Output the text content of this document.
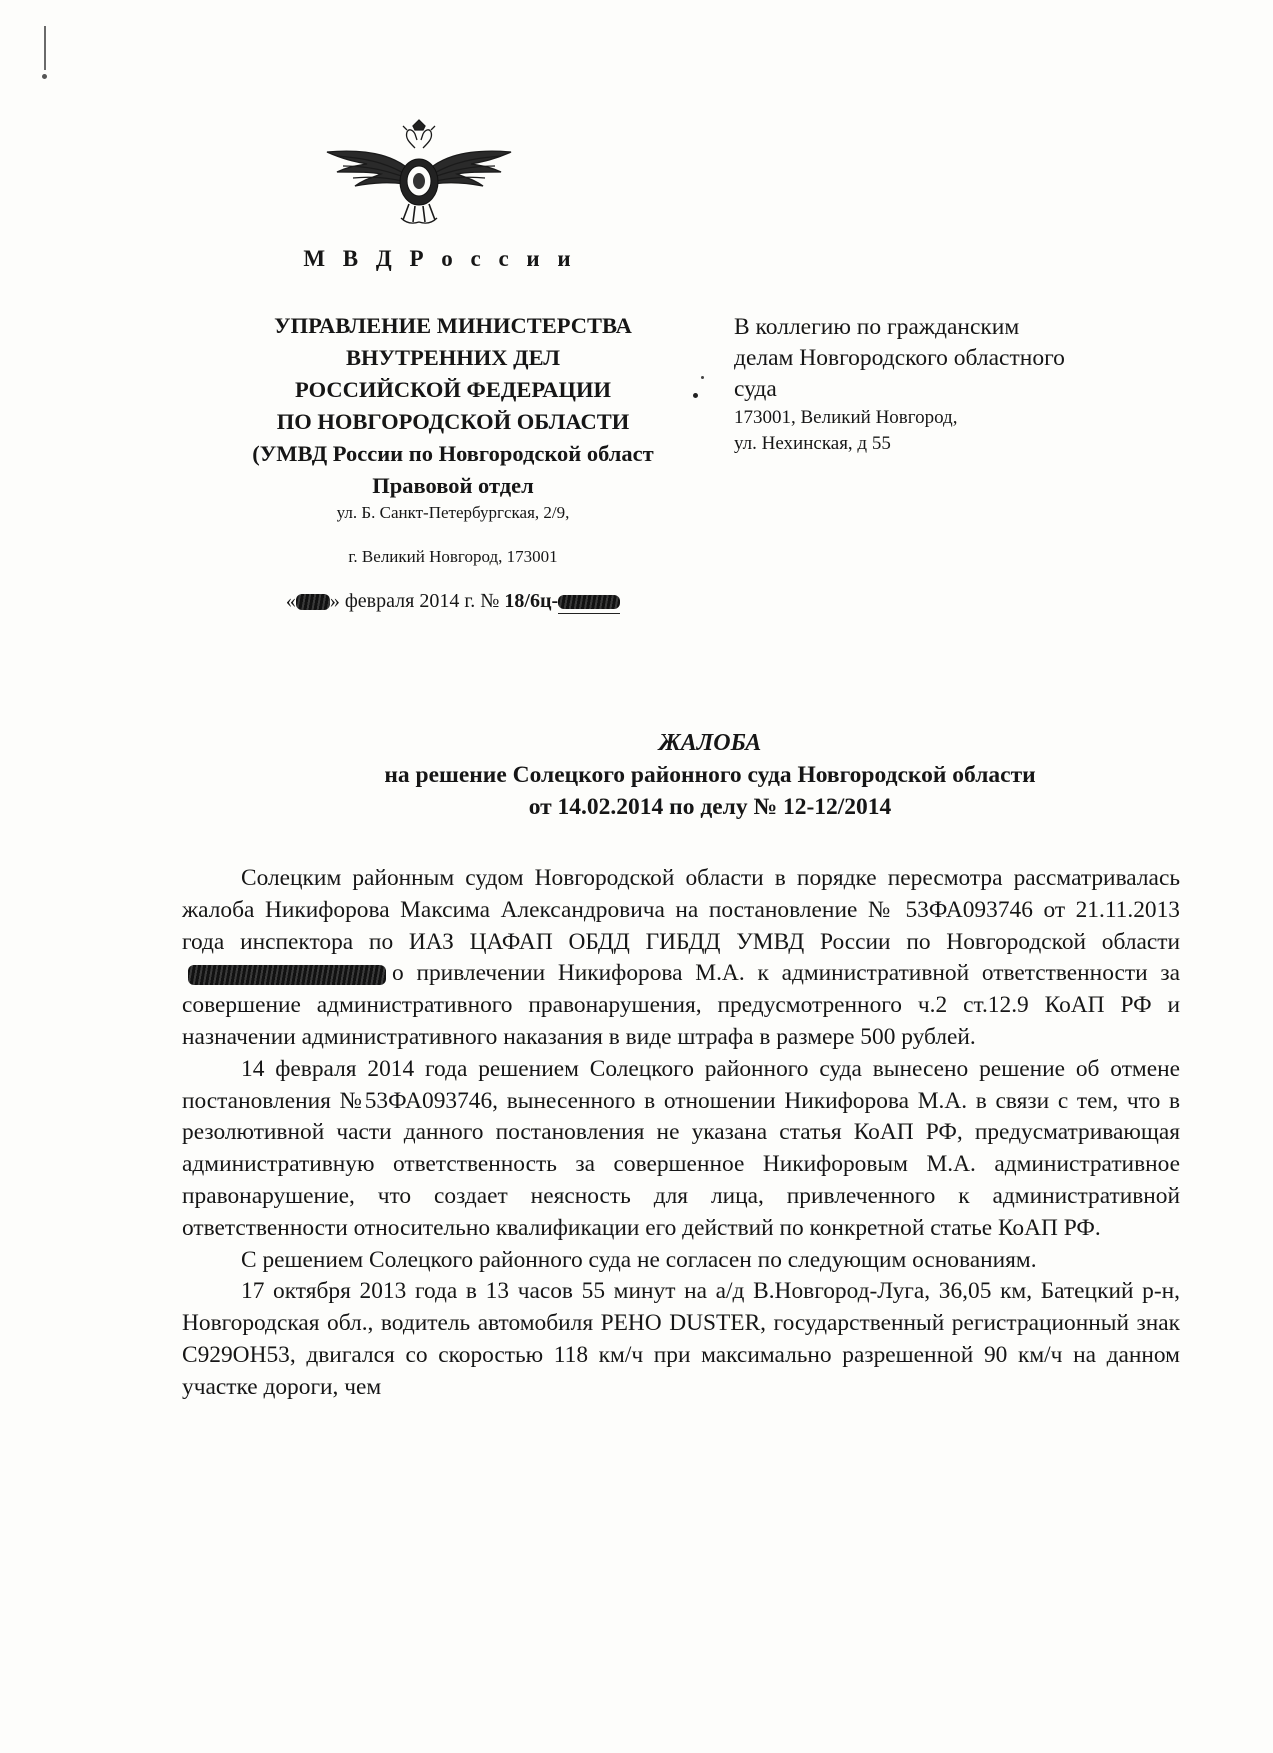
М В Д Р о с с и и
УПРАВЛЕНИЕ МИНИСТЕРСТВА
ВНУТРЕННИХ ДЕЛ
РОССИЙСКОЙ ФЕДЕРАЦИИ
ПО НОВГОРОДСКОЙ ОБЛАСТИ
(УМВД России по Новгородской област
Правовой отдел
ул. Б. Санкт-Петербургская, 2/9,
г. Великий Новгород, 173001
« » февраля 2014 г. № 18/6ц-
В коллегию по гражданским
делам Новгородского областного
суда
173001, Великий Новгород,
ул. Нехинская, д 55
ЖАЛОБА
на решение Солецкого районного суда Новгородской области
от 14.02.2014 по делу № 12-12/2014

Солецким районным судом Новгородской области в порядке пересмотра рассматривалась жалоба Никифорова Максима Александровича на постановление № 53ФА093746 от 21.11.2013 года инспектора по ИАЗ ЦАФАП ОБДД ГИБДД УМВД России по Новгородской областио привлечении Никифорова М.А. к административной ответственности за совершение административного правонарушения, предусмотренного ч.2 ст.12.9 КоАП РФ и назначении административного наказания в виде штрафа в размере 500 рублей.

14 февраля 2014 года решением Солецкого районного суда вынесено решение об отмене постановления №53ФА093746, вынесенного в отношении Никифорова М.А. в связи с тем, что в резолютивной части данного постановления не указана статья КоАП РФ, предусматривающая административную ответственность за совершенное Никифоровым М.А. административное правонарушение, что создает неясность для лица, привлеченного к административной ответственности относительно квалификации его действий по конкретной статье КоАП РФ.

С решением Солецкого районного суда не согласен по следующим основаниям.

17 октября 2013 года в 13 часов 55 минут на а/д В.Новгород-Луга, 36,05 км, Батецкий р-н, Новгородская обл., водитель автомобиля РЕНО DUSTER, государственный регистрационный знак С929ОН53, двигался со скоростью 118 км/ч при максимально разрешенной 90 км/ч на данном участке дороги, чем
